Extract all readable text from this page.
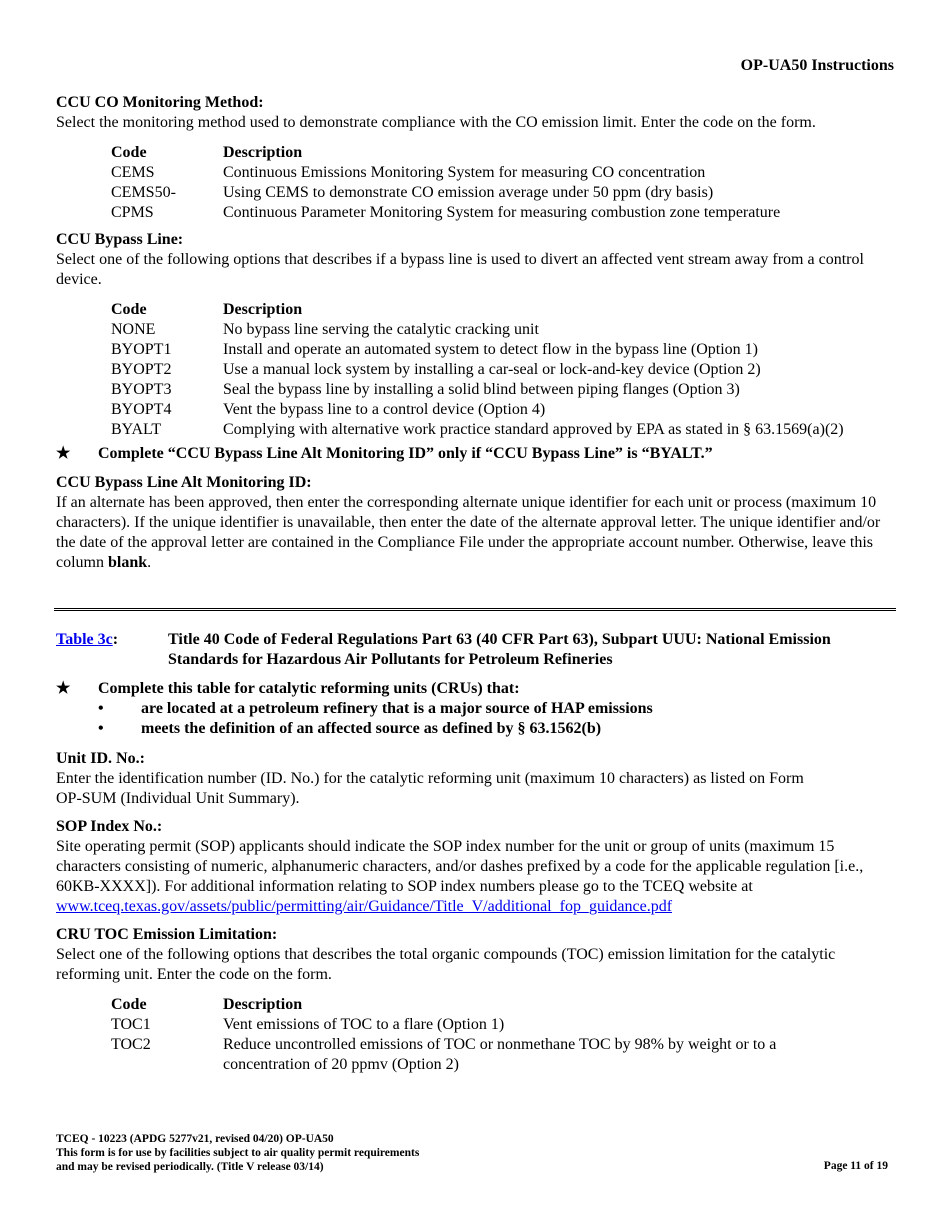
OP-UA50 Instructions
CCU CO Monitoring Method:
Select the monitoring method used to demonstrate compliance with the CO emission limit. Enter the code on the form.
Code	Description
CEMS	Continuous Emissions Monitoring System for measuring CO concentration
CEMS50-	Using CEMS to demonstrate CO emission average under 50 ppm (dry basis)
CPMS	Continuous Parameter Monitoring System for measuring combustion zone temperature
CCU Bypass Line:
Select one of the following options that describes if a bypass line is used to divert an affected vent stream away from a control device.
Code	Description
NONE	No bypass line serving the catalytic cracking unit
BYOPT1	Install and operate an automated system to detect flow in the bypass line (Option 1)
BYOPT2	Use a manual lock system by installing a car-seal or lock-and-key device (Option 2)
BYOPT3	Seal the bypass line by installing a solid blind between piping flanges (Option 3)
BYOPT4	Vent the bypass line to a control device (Option 4)
BYALT	Complying with alternative work practice standard approved by EPA as stated in § 63.1569(a)(2)
★	Complete “CCU Bypass Line Alt Monitoring ID” only if “CCU Bypass Line” is “BYALT.”
CCU Bypass Line Alt Monitoring ID:
If an alternate has been approved, then enter the corresponding alternate unique identifier for each unit or process (maximum 10 characters). If the unique identifier is unavailable, then enter the date of the alternate approval letter. The unique identifier and/or the date of the approval letter are contained in the Compliance File under the appropriate account number. Otherwise, leave this column blank.
Table 3c:	Title 40 Code of Federal Regulations Part 63 (40 CFR Part 63), Subpart UUU: National Emission Standards for Hazardous Air Pollutants for Petroleum Refineries
★	Complete this table for catalytic reforming units (CRUs) that:
•	are located at a petroleum refinery that is a major source of HAP emissions
•	meets the definition of an affected source as defined by § 63.1562(b)
Unit ID. No.:
Enter the identification number (ID. No.) for the catalytic reforming unit (maximum 10 characters) as listed on Form OP-SUM (Individual Unit Summary).
SOP Index No.:
Site operating permit (SOP) applicants should indicate the SOP index number for the unit or group of units (maximum 15 characters consisting of numeric, alphanumeric characters, and/or dashes prefixed by a code for the applicable regulation [i.e., 60KB-XXXX]). For additional information relating to SOP index numbers please go to the TCEQ website at www.tceq.texas.gov/assets/public/permitting/air/Guidance/Title_V/additional_fop_guidance.pdf
CRU TOC Emission Limitation:
Select one of the following options that describes the total organic compounds (TOC) emission limitation for the catalytic reforming unit. Enter the code on the form.
Code	Description
TOC1	Vent emissions of TOC to a flare (Option 1)
TOC2	Reduce uncontrolled emissions of TOC or nonmethane TOC by 98% by weight or to a concentration of 20 ppmv (Option 2)
TCEQ - 10223 (APDG 5277v21, revised 04/20) OP-UA50
This form is for use by facilities subject to air quality permit requirements
and may be revised periodically. (Title V release 03/14)	Page 11 of 19
